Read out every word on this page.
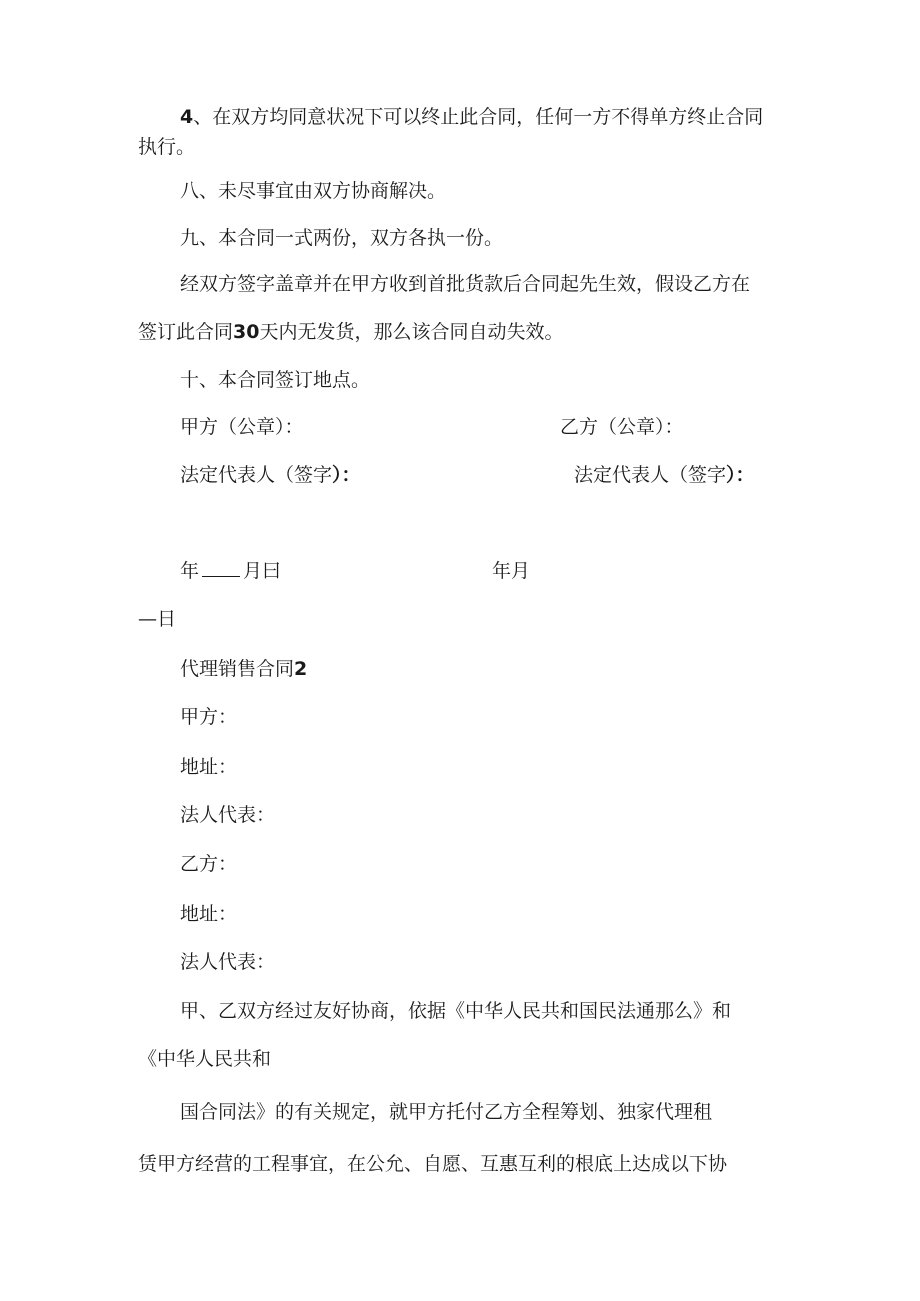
4、在双方均同意状况下可以终止此合同，任何一方不得单方终止合同

执行。

八、未尽事宜由双方协商解决。

九、本合同一式两份，双方各执一份。

经双方签字盖章并在甲方收到首批货款后合同起先生效，假设乙方在

签订此合同30天内无发货，那么该合同自动失效。

十、本合同签订地点。

甲方（公章）：	乙方（公章）：

法定代表人（签字）：	法定代表人（签字）：

年 月曰	年月

—日

代理销售合同2

甲方：

地址：

法人代表：

乙方：

地址：

法人代表：

甲、乙双方经过友好协商，依据《中华人民共和国民法通那么》和

《中华人民共和

国合同法》的有关规定，就甲方托付乙方全程筹划、独家代理租

赁甲方经营的工程事宜，在公允、自愿、互惠互利的根底上达成以下协
